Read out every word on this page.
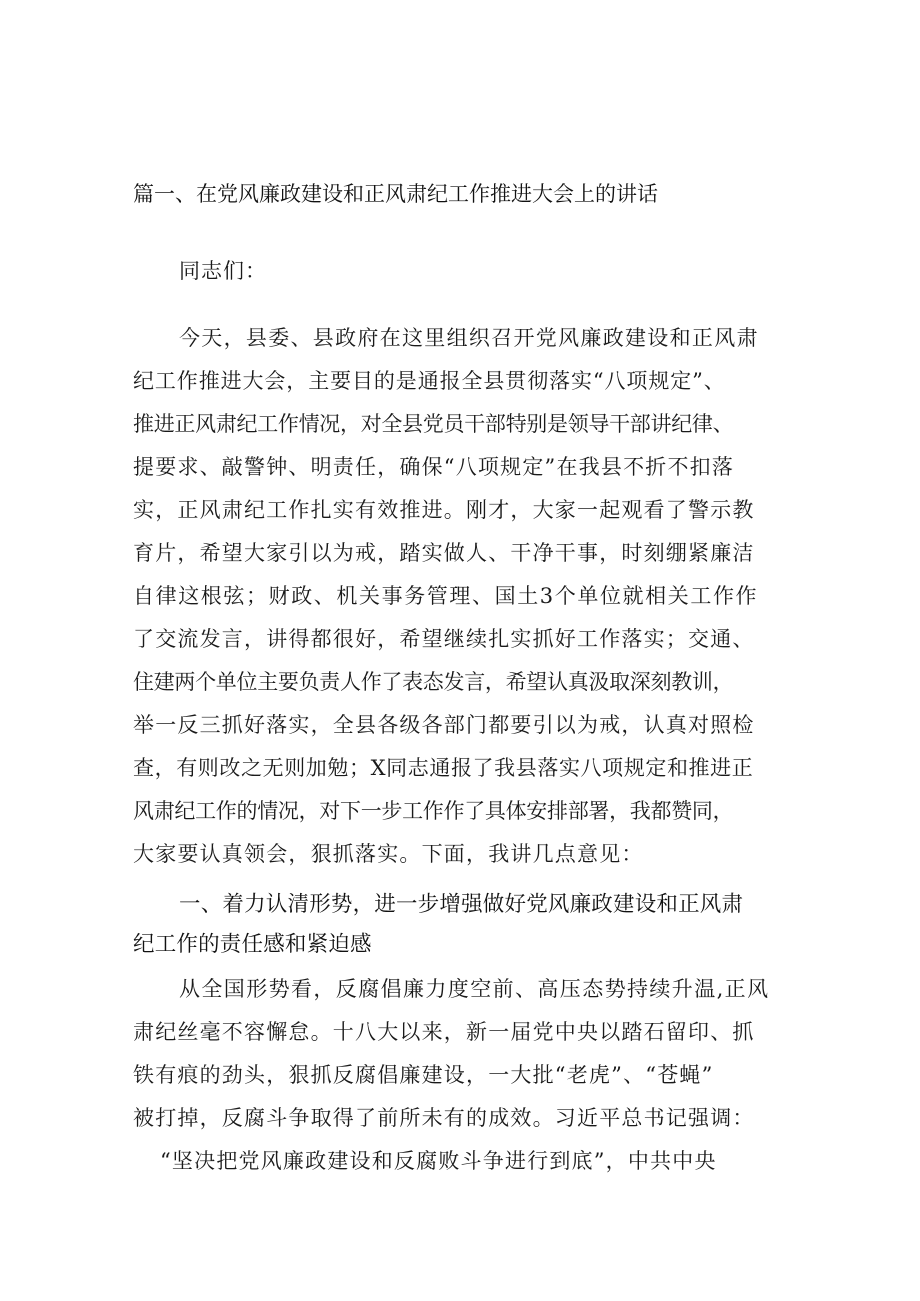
篇一、在党风廉政建设和正风肃纪工作推进大会上的讲话
同志们：
今天，县委、县政府在这里组织召开党风廉政建设和正风肃
纪工作推进大会，主要目的是通报全县贯彻落实“八项规定”、
推进正风肃纪工作情况，对全县党员干部特别是领导干部讲纪律、
提要求、敲警钟、明责任，确保“八项规定”在我县不折不扣落
实，正风肃纪工作扎实有效推进。刚才，大家一起观看了警示教
育片，希望大家引以为戒，踏实做人、干净干事，时刻绷紧廉洁
自律这根弦；财政、机关事务管理、国土3个单位就相关工作作
了交流发言，讲得都很好，希望继续扎实抓好工作落实；交通、
住建两个单位主要负责人作了表态发言，希望认真汲取深刻教训，
举一反三抓好落实，全县各级各部门都要引以为戒，认真对照检
查，有则改之无则加勉；X同志通报了我县落实八项规定和推进正
风肃纪工作的情况，对下一步工作作了具体安排部署，我都赞同，
大家要认真领会，狠抓落实。下面，我讲几点意见：
一、着力认清形势，进一步增强做好党风廉政建设和正风肃
纪工作的责任感和紧迫感
从全国形势看，反腐倡廉力度空前、高压态势持续升温,正风
肃纪丝毫不容懈怠。十八大以来，新一届党中央以踏石留印、抓
铁有痕的劲头，狠抓反腐倡廉建设，一大批“老虎”、“苍蝇”
被打掉，反腐斗争取得了前所未有的成效。习近平总书记强调：
“坚决把党风廉政建设和反腐败斗争进行到底”，中共中央
